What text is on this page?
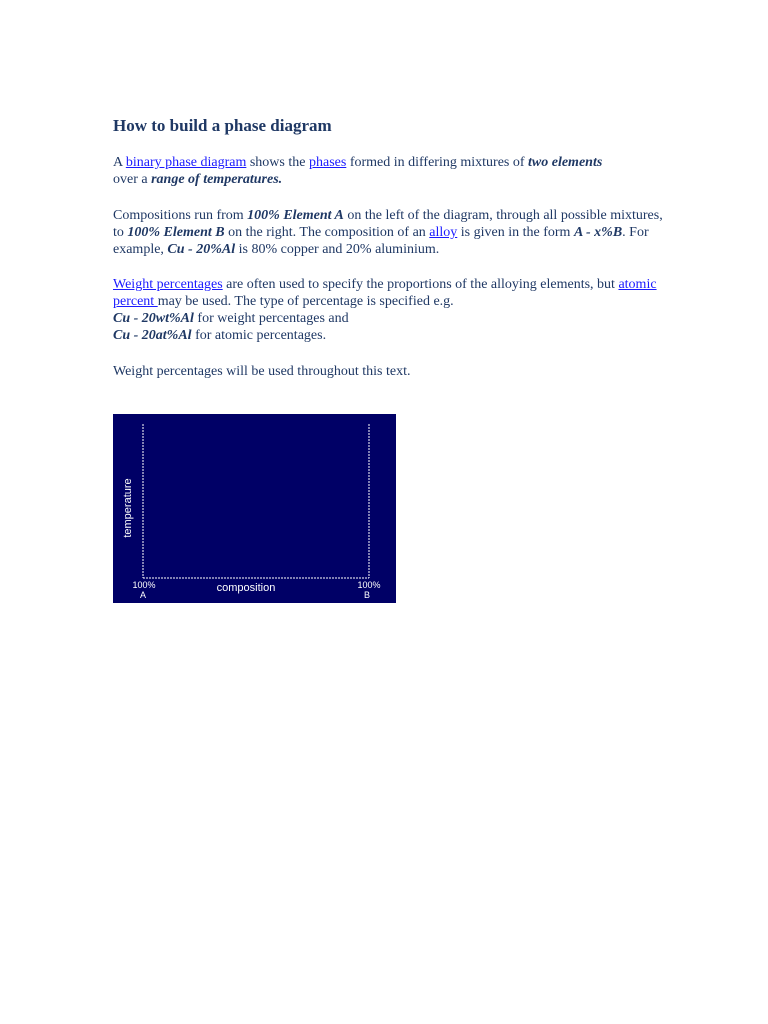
How to build a phase diagram

A binary phase diagram shows the phases formed in differing mixtures of two elements
over a range of temperatures.

Compositions run from 100% Element A on the left of the diagram, through all possible mixtures, to 100% Element B on the right. The composition of an alloy is given in the form A - x%B. For example, Cu - 20%Al is 80% copper and 20% aluminium.

Weight percentages are often used to specify the proportions of the alloying elements, but atomic percent may be used. The type of percentage is specified e.g.
Cu - 20wt%Al for weight percentages and
Cu - 20at%Al for atomic percentages.

Weight percentages will be used throughout this text.

temperature
composition
100%
A
100%
B
